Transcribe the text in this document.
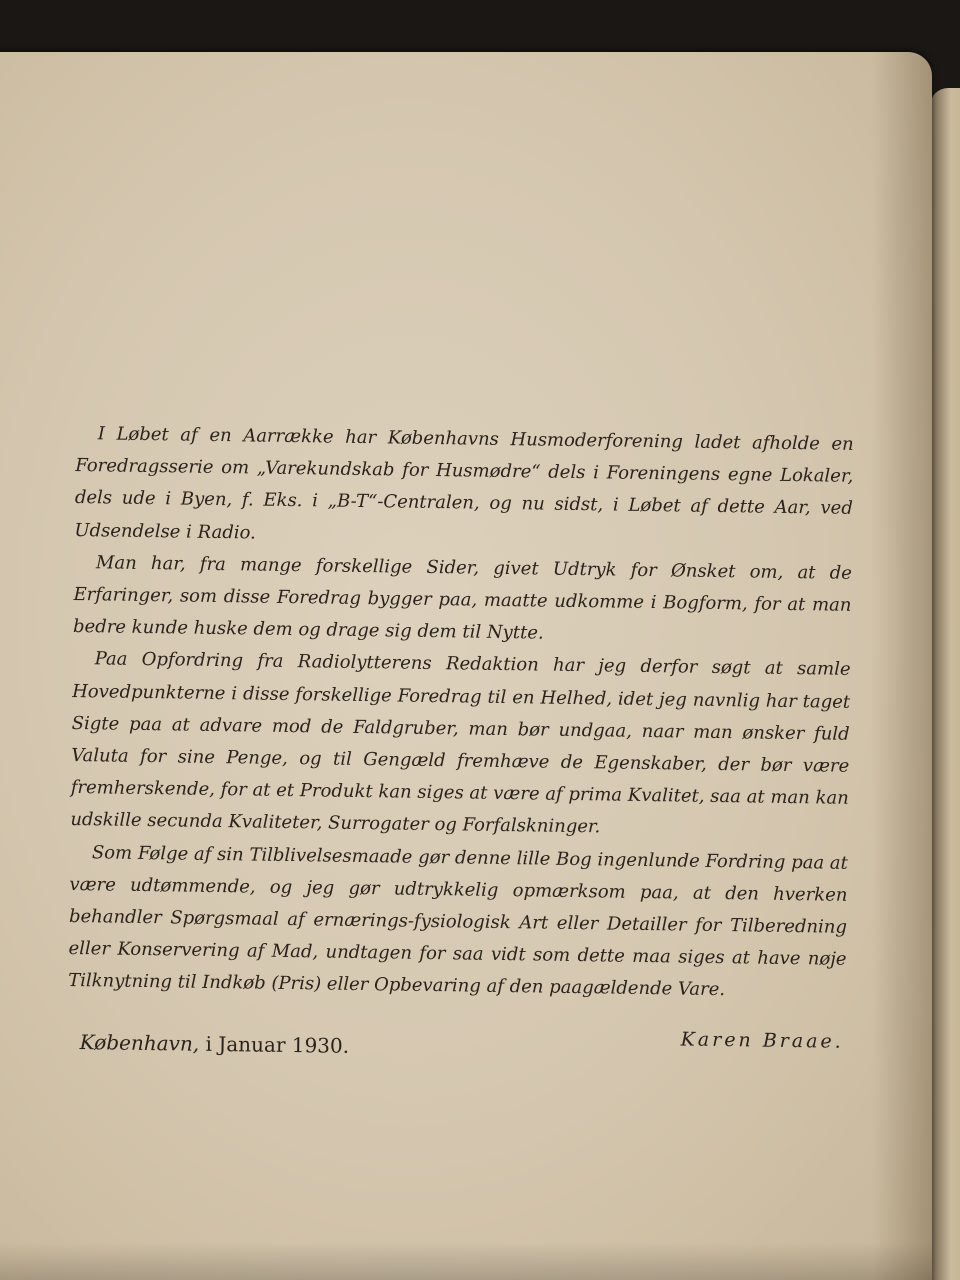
I Løbet af en Aarrække har Københavns Husmoderforening ladet afholde en Foredragsserie om „Varekundskab for Husmødre“ dels i Foreningens egne Lokaler, dels ude i Byen, f. Eks. i „B-T“-Centralen, og nu sidst, i Løbet af dette Aar, ved Udsendelse i Radio.

Man har, fra mange forskellige Sider, givet Udtryk for Ønsket om, at de Erfaringer, som disse Foredrag bygger paa, maatte udkomme i Bogform, for at man bedre kunde huske dem og drage sig dem til Nytte.

Paa Opfordring fra Radiolytterens Redaktion har jeg derfor søgt at samle Hovedpunkterne i disse forskellige Foredrag til en Helhed, idet jeg navnlig har taget Sigte paa at advare mod de Faldgruber, man bør undgaa, naar man ønsker fuld Valuta for sine Penge, og til Gengæld fremhæve de Egenskaber, der bør være fremherskende, for at et Produkt kan siges at være af prima Kvalitet, saa at man kan udskille secunda Kvaliteter, Surrogater og Forfalskninger.

Som Følge af sin Tilblivelsesmaade gør denne lille Bog ingenlunde Fordring paa at være udtømmende, og jeg gør udtrykkelig opmærksom paa, at den hverken behandler Spørgsmaal af ernærings-fysiologisk Art eller Detailler for Tilberedning eller Konservering af Mad, undtagen for saa vidt som dette maa siges at have nøje Tilknytning til Indkøb (Pris) eller Opbevaring af den paagældende Vare.

København, i Januar 1930.	Karen Braae.
